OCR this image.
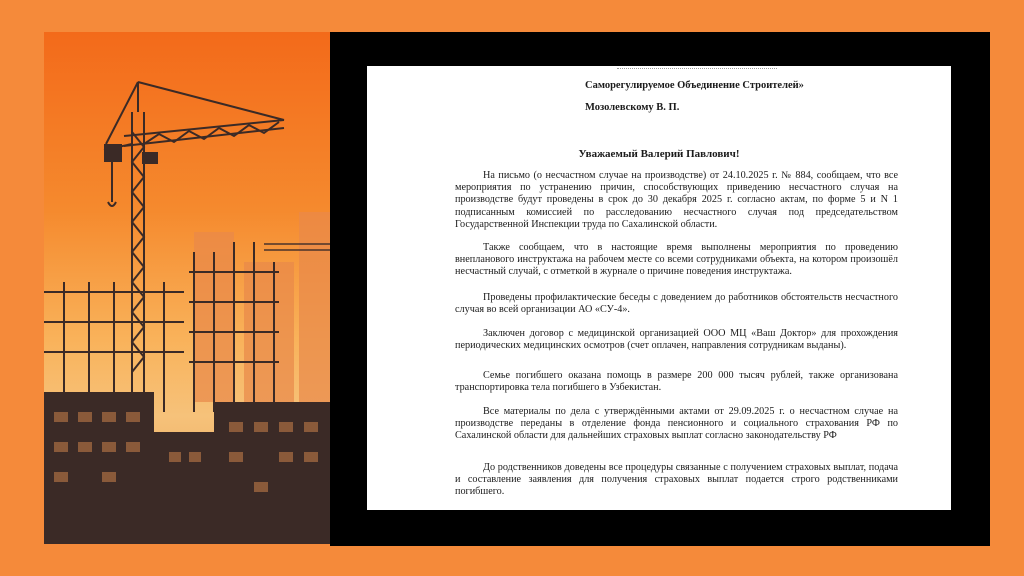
Саморегулируемое Объединение Строителей»
Мозолевскому В. П.
Уважаемый Валерий Павлович!
На письмо (о несчастном случае на производстве) от 24.10.2025 г. № 884, сообщаем, что все мероприятия по устранению причин, способствующих приведению несчастного случая на производстве будут проведены в срок до 30 декабря 2025 г. согласно актам, по форме 5 и N 1 подписанным комиссией по расследованию несчастного случая под председательством Государственной Инспекции труда по Сахалинской области.
Также сообщаем, что в настоящие время выполнены мероприятия по проведению внепланового инструктажа на рабочем месте со всеми сотрудниками объекта, на котором произошёл несчастный случай, с отметкой в журнале о причине поведения инструктажа.
Проведены профилактические беседы с доведением до работников обстоятельств несчастного случая во всей организации АО «СУ-4».
Заключен договор с медицинской организацией ООО МЦ «Ваш Доктор» для прохождения периодических медицинских осмотров (счет оплачен, направления сотрудникам выданы).
Семье погибшего оказана помощь в размере 200 000 тысяч рублей, также организована транспортировка тела погибшего в Узбекистан.
Все материалы по дела с утверждёнными актами от 29.09.2025 г. о несчастном случае на производстве переданы в отделение фонда пенсионного и социального страхования РФ по Сахалинской области для дальнейших страховых выплат согласно законодательству РФ
До родственников доведены все процедуры связанные с получением страховых выплат, подача и составление заявления для получения страховых выплат подается строго родственниками погибшего.
